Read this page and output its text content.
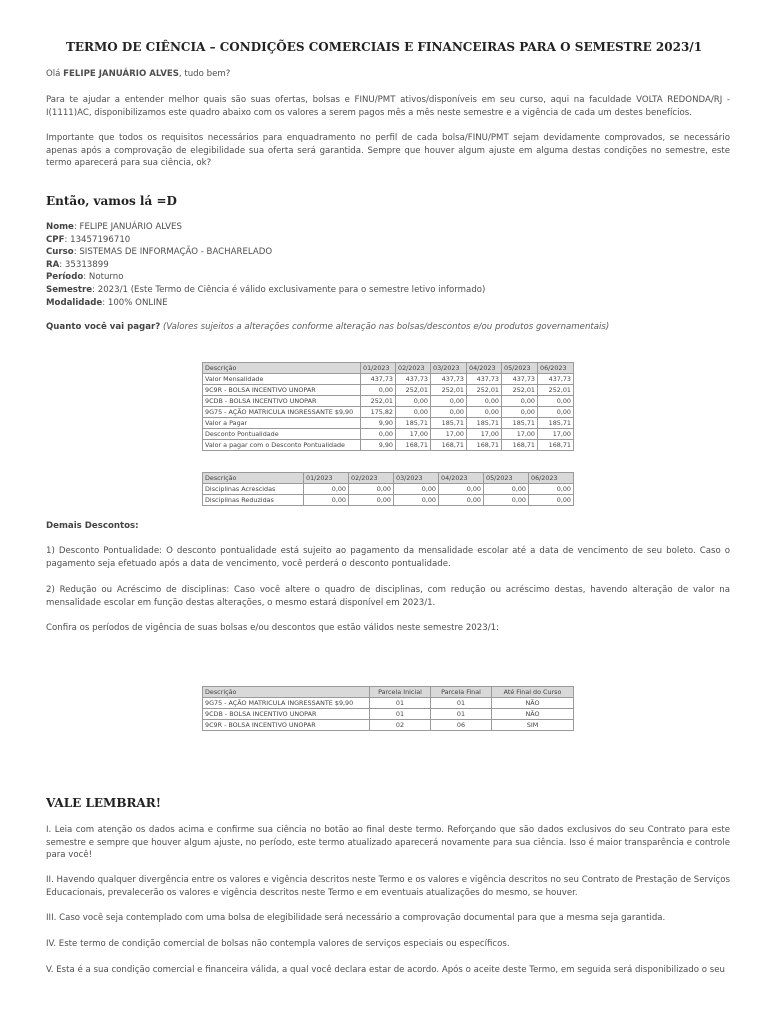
TERMO DE CIÊNCIA – CONDIÇÕES COMERCIAIS E FINANCEIRAS PARA O SEMESTRE 2023/1
Olá FELIPE JANUÁRIO ALVES, tudo bem?
Para te ajudar a entender melhor quais são suas ofertas, bolsas e FINU/PMT ativos/disponíveis em seu curso, aqui na faculdade VOLTA REDONDA/RJ - I(1111)AC, disponibilizamos este quadro abaixo com os valores a serem pagos mês a mês neste semestre e a vigência de cada um destes benefícios.
Importante que todos os requisitos necessários para enquadramento no perfil de cada bolsa/FINU/PMT sejam devidamente comprovados, se necessário apenas após a comprovação de elegibilidade sua oferta será garantida. Sempre que houver algum ajuste em alguma destas condições no semestre, este termo aparecerá para sua ciência, ok?
Então, vamos lá =D
Nome: FELIPE JANUÁRIO ALVES
CPF: 13457196710
Curso: SISTEMAS DE INFORMAÇÃO - BACHARELADO
RA: 35313899
Período: Noturno
Semestre: 2023/1 (Este Termo de Ciência é válido exclusivamente para o semestre letivo informado)
Modalidade: 100% ONLINE
Quanto você vai pagar? (Valores sujeitos a alterações conforme alteração nas bolsas/descontos e/ou produtos governamentais)
Descrição	01/2023	02/2023	03/2023	04/2023	05/2023	06/2023
Valor Mensalidade	437,73	437,73	437,73	437,73	437,73	437,73
9C9R - BOLSA INCENTIVO UNOPAR	0,00	252,01	252,01	252,01	252,01	252,01
9CDB - BOLSA INCENTIVO UNOPAR	252,01	0,00	0,00	0,00	0,00	0,00
9G75 - AÇÃO MATRICULA INGRESSANTE $9,90	175,82	0,00	0,00	0,00	0,00	0,00
Valor a Pagar	9,90	185,71	185,71	185,71	185,71	185,71
Desconto Pontualidade	0,00	17,00	17,00	17,00	17,00	17,00
Valor a pagar com o Desconto Pontualidade	9,90	168,71	168,71	168,71	168,71	168,71
Descrição	01/2023	02/2023	03/2023	04/2023	05/2023	06/2023
Disciplinas Acrescidas	0,00	0,00	0,00	0,00	0,00	0,00
Disciplinas Reduzidas	0,00	0,00	0,00	0,00	0,00	0,00
Demais Descontos:
1) Desconto Pontualidade: O desconto pontualidade está sujeito ao pagamento da mensalidade escolar até a data de vencimento de seu boleto. Caso o pagamento seja efetuado após a data de vencimento, você perderá o desconto pontualidade.
2) Redução ou Acréscimo de disciplinas: Caso você altere o quadro de disciplinas, com redução ou acréscimo destas, havendo alteração de valor na mensalidade escolar em função destas alterações, o mesmo estará disponível em 2023/1.
Confira os períodos de vigência de suas bolsas e/ou descontos que estão válidos neste semestre 2023/1:
Descrição	Parcela Inicial	Parcela Final	Até Final do Curso
9G75 - AÇÃO MATRICULA INGRESSANTE $9,90	01	01	NÃO
9CDB - BOLSA INCENTIVO UNOPAR	01	01	NÃO
9C9R - BOLSA INCENTIVO UNOPAR	02	06	SIM
VALE LEMBRAR!
I. Leia com atenção os dados acima e confirme sua ciência no botão ao final deste termo. Reforçando que são dados exclusivos do seu Contrato para este semestre e sempre que houver algum ajuste, no período, este termo atualizado aparecerá novamente para sua ciência. Isso é maior transparência e controle para você!
II. Havendo qualquer divergência entre os valores e vigência descritos neste Termo e os valores e vigência descritos no seu Contrato de Prestação de Serviços Educacionais, prevalecerão os valores e vigência descritos neste Termo e em eventuais atualizações do mesmo, se houver.
III. Caso você seja contemplado com uma bolsa de elegibilidade será necessário a comprovação documental para que a mesma seja garantida.
IV. Este termo de condição comercial de bolsas não contempla valores de serviços especiais ou específicos.
V. Esta é a sua condição comercial e financeira válida, a qual você declara estar de acordo. Após o aceite deste Termo, em seguida será disponibilizado o seu
